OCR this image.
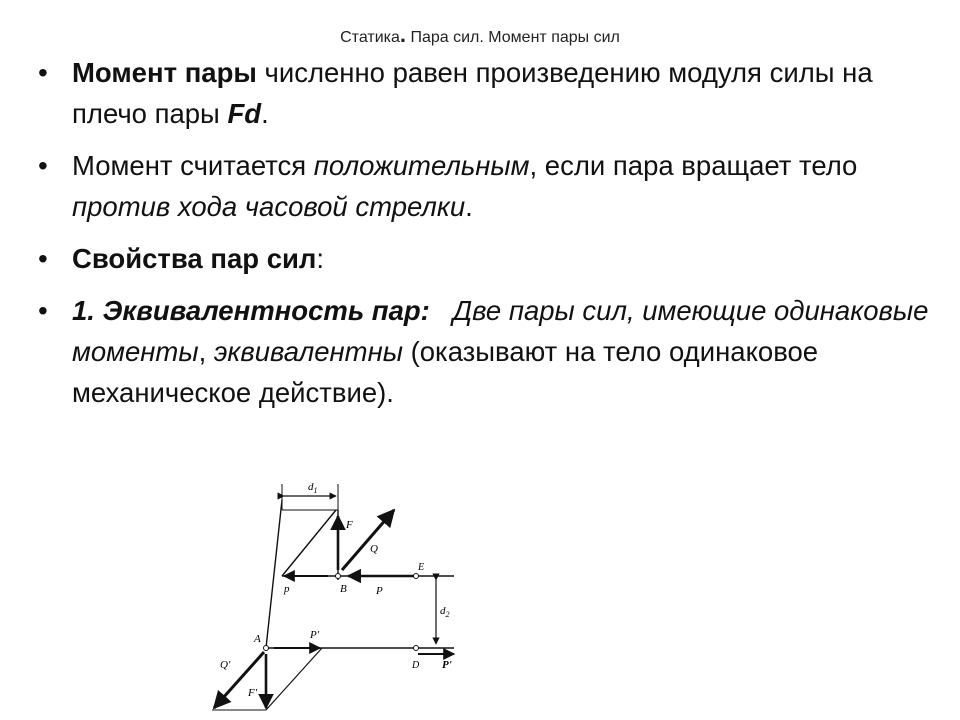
Статика. Пара сил. Момент пары сил
• Момент пары численно равен произведению модуля силы на плечо пары Fd.
• Момент считается положительным, если пара вращает тело против хода часовой стрелки.
• Свойства пар сил:
• 1. Эквивалентность пар: Две пары сил, имеющие одинаковые моменты, эквивалентны (оказывают на тело одинаковое механическое действие).
$d_1$
$d_2$
F
Q
B
E
P
p
A	P'
Q'
F'
D P'
